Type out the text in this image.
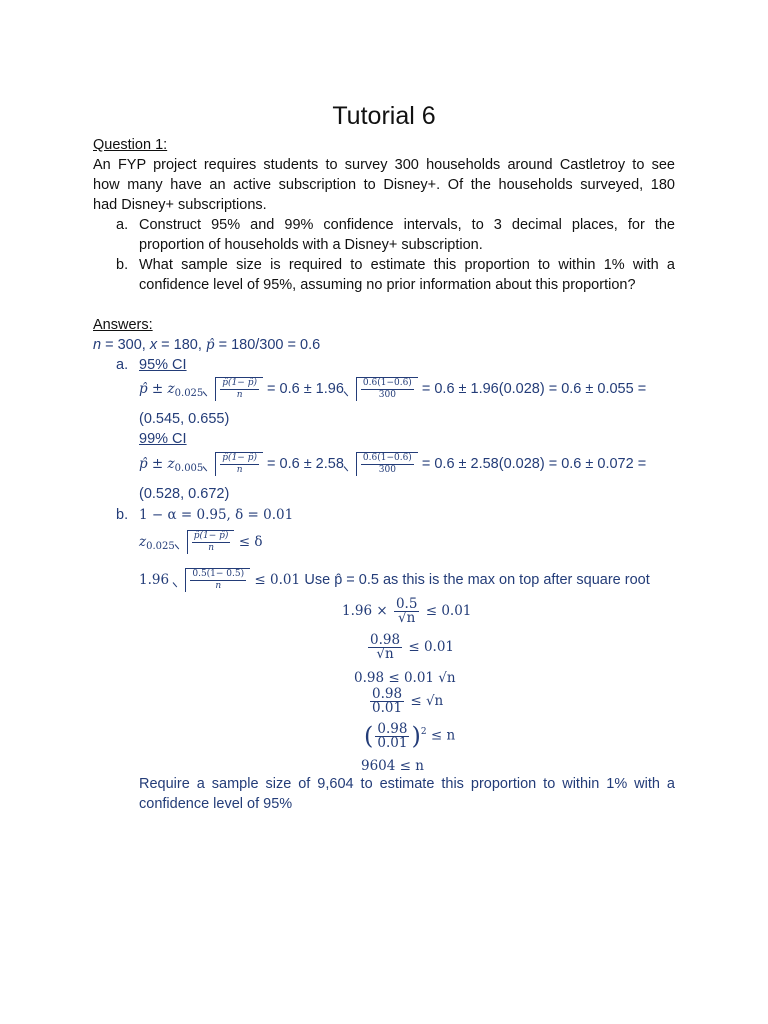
Tutorial 6
Question 1:
An FYP project requires students to survey 300 households around Castletroy to see
how many have an active subscription to Disney+. Of the households surveyed, 180
had Disney+ subscriptions.
a. Construct 95% and 99% confidence intervals, to 3 decimal places, for the
proportion of households with a Disney+ subscription.
b. What sample size is required to estimate this proportion to within 1% with a
confidence level of 95%, assuming no prior information about this proportion?
Answers:
n = 300, x = 180, p̂ = 180/300 = 0.6
a. 95% CI
p̂ ± $z_{0.025} \frac{p̂(1- p̂)}{n} = 0.6 \pm 1.96 \frac{0.6(1-0.6)}{300} = 0.6 \pm 1.96(0.028) = 0.6 \pm 0.055$ =
(0.545, 0.655)
99% CI
p̂ ± $z_{0.005} \frac{p̂(1- p̂)}{n} = 0.6 \pm 2.58 \frac{0.6(1-0.6)}{300} = 0.6 \pm 2.58(0.028) = 0.6 \pm 0.072$ =
(0.528, 0.672)
b. 1 − α = 0.95, δ = 0.01
$z_{0.025} \frac{p̂(1- p̂)}{n} \le \delta$
$1.96 \frac{0.5(1- 0.5)}{n} \le 0.01$ Use p̂ = 0.5 as this is the max on top after square root
$1.96 \times \frac{0.5}{√n} \le 0.01$
$\frac{0.98}{√n} \le 0.01$
0.98 ≤ 0.01 √n
$\frac{0.98}{0.01} \le √n$
( $\frac{0.98}{0.01} )^2 \le n$
9604 ≤ n
Require a sample size of 9,604 to estimate this proportion to within 1% with a
confidence level of 95%
